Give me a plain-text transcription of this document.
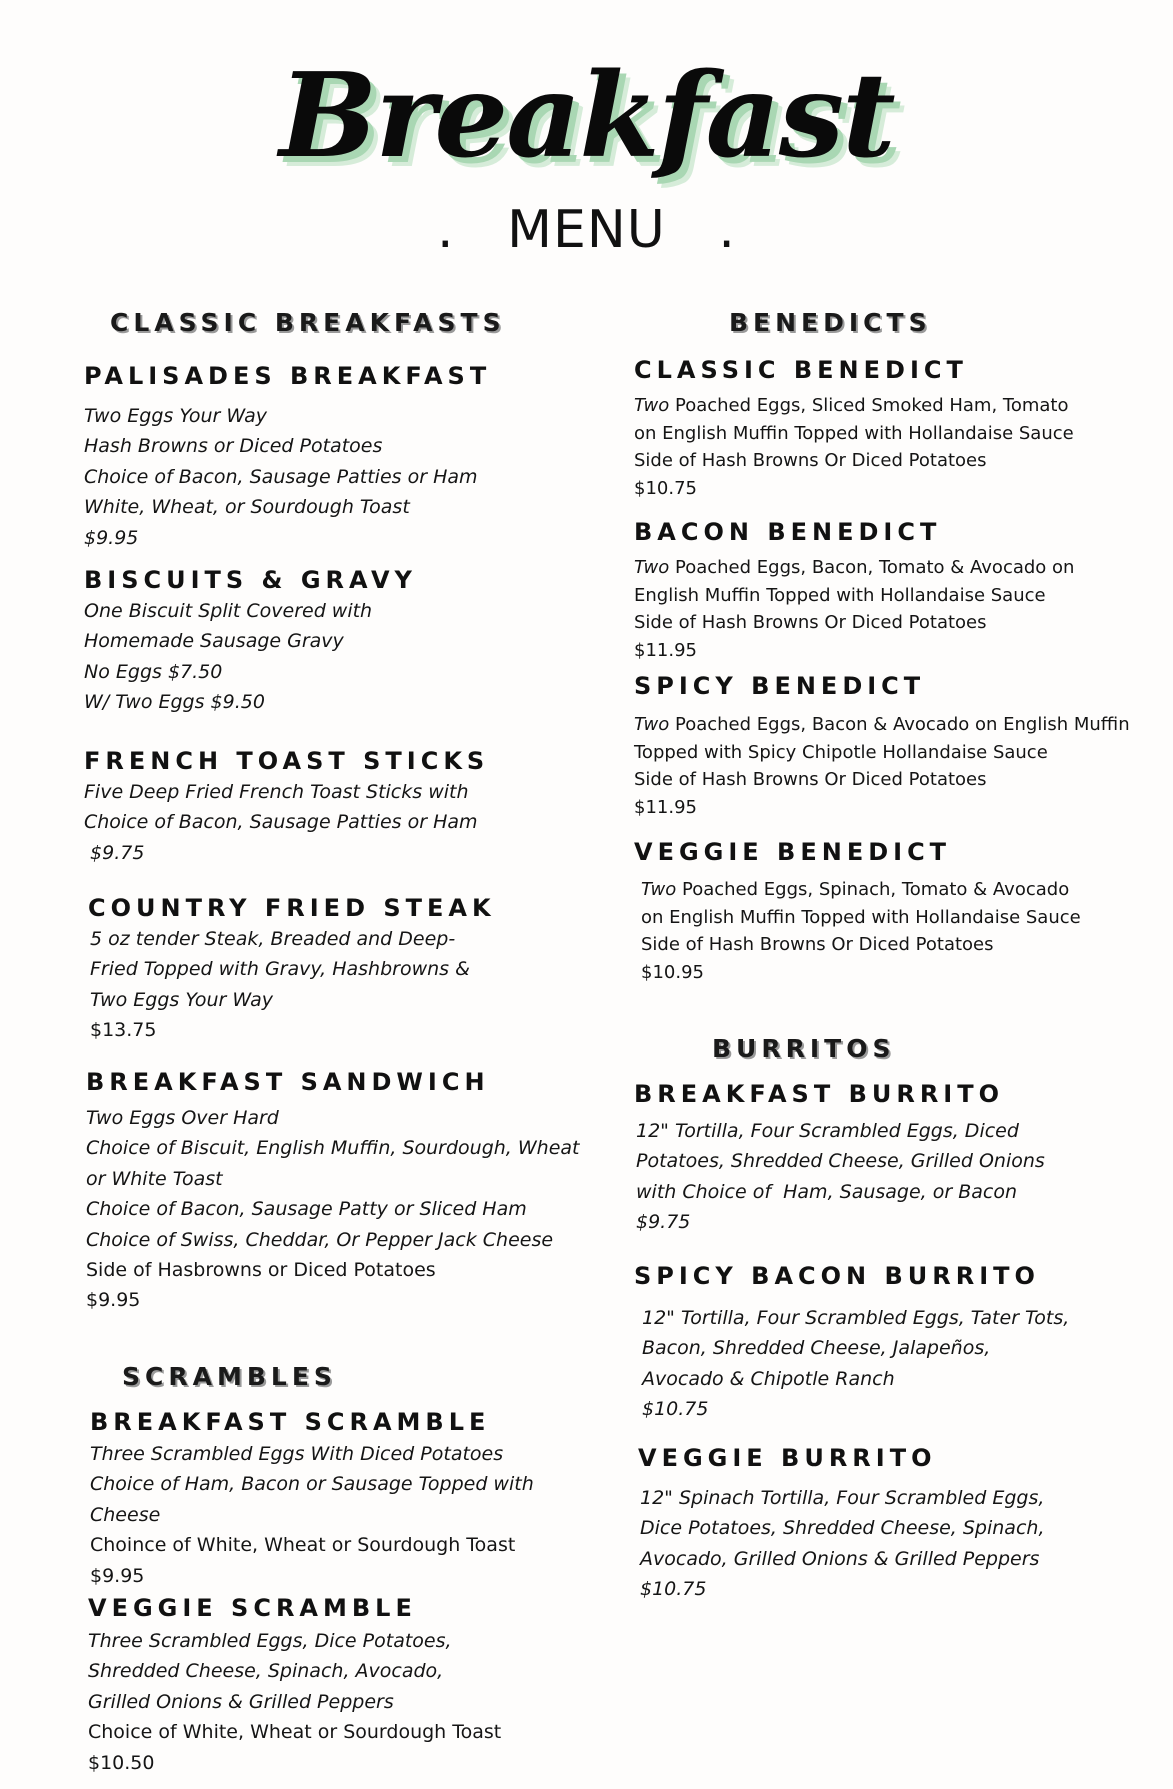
Breakfast
.   MENU   .
CLASSIC BREAKFASTS
PALISADES BREAKFAST
Two Eggs Your Way
Hash Browns or Diced Potatoes
Choice of Bacon, Sausage Patties or Ham
White, Wheat, or Sourdough Toast
$9.95
BISCUITS & GRAVY
One Biscuit Split Covered with
Homemade Sausage Gravy
No Eggs $7.50
W/ Two Eggs $9.50
FRENCH TOAST STICKS
Five Deep Fried French Toast Sticks with
Choice of Bacon, Sausage Patties or Ham
$9.75
COUNTRY FRIED STEAK
5 oz tender Steak, Breaded and Deep-
Fried Topped with Gravy, Hashbrowns &
Two Eggs Your Way
$13.75
BREAKFAST SANDWICH
Two Eggs Over Hard
Choice of Biscuit, English Muffin, Sourdough, Wheat
or White Toast
Choice of Bacon, Sausage Patty or Sliced Ham
Choice of Swiss, Cheddar, Or Pepper Jack Cheese
Side of Hasbrowns or Diced Potatoes
$9.95
SCRAMBLES
BREAKFAST SCRAMBLE
Three Scrambled Eggs With Diced Potatoes
Choice of Ham, Bacon or Sausage Topped with
Cheese
Choince of White, Wheat or Sourdough Toast
$9.95
VEGGIE SCRAMBLE
Three Scrambled Eggs, Dice Potatoes,
Shredded Cheese, Spinach, Avocado,
Grilled Onions & Grilled Peppers
Choice of White, Wheat or Sourdough Toast
$10.50
BENEDICTS
CLASSIC BENEDICT
Two Poached Eggs, Sliced Smoked Ham, Tomato
on English Muffin Topped with Hollandaise Sauce
Side of Hash Browns Or Diced Potatoes
$10.75
BACON BENEDICT
Two Poached Eggs, Bacon, Tomato & Avocado on
English Muffin Topped with Hollandaise Sauce
Side of Hash Browns Or Diced Potatoes
$11.95
SPICY BENEDICT
Two Poached Eggs, Bacon & Avocado on English Muffin
Topped with Spicy Chipotle Hollandaise Sauce
Side of Hash Browns Or Diced Potatoes
$11.95
VEGGIE BENEDICT
Two Poached Eggs, Spinach, Tomato & Avocado
on English Muffin Topped with Hollandaise Sauce
Side of Hash Browns Or Diced Potatoes
$10.95
BURRITOS
BREAKFAST BURRITO
12" Tortilla, Four Scrambled Eggs, Diced
Potatoes, Shredded Cheese, Grilled Onions
with Choice of  Ham, Sausage, or Bacon
$9.75
SPICY BACON BURRITO
12" Tortilla, Four Scrambled Eggs, Tater Tots,
Bacon, Shredded Cheese, Jalapeños,
Avocado & Chipotle Ranch
$10.75
VEGGIE BURRITO
12" Spinach Tortilla, Four Scrambled Eggs,
Dice Potatoes, Shredded Cheese, Spinach,
Avocado, Grilled Onions & Grilled Peppers
$10.75
